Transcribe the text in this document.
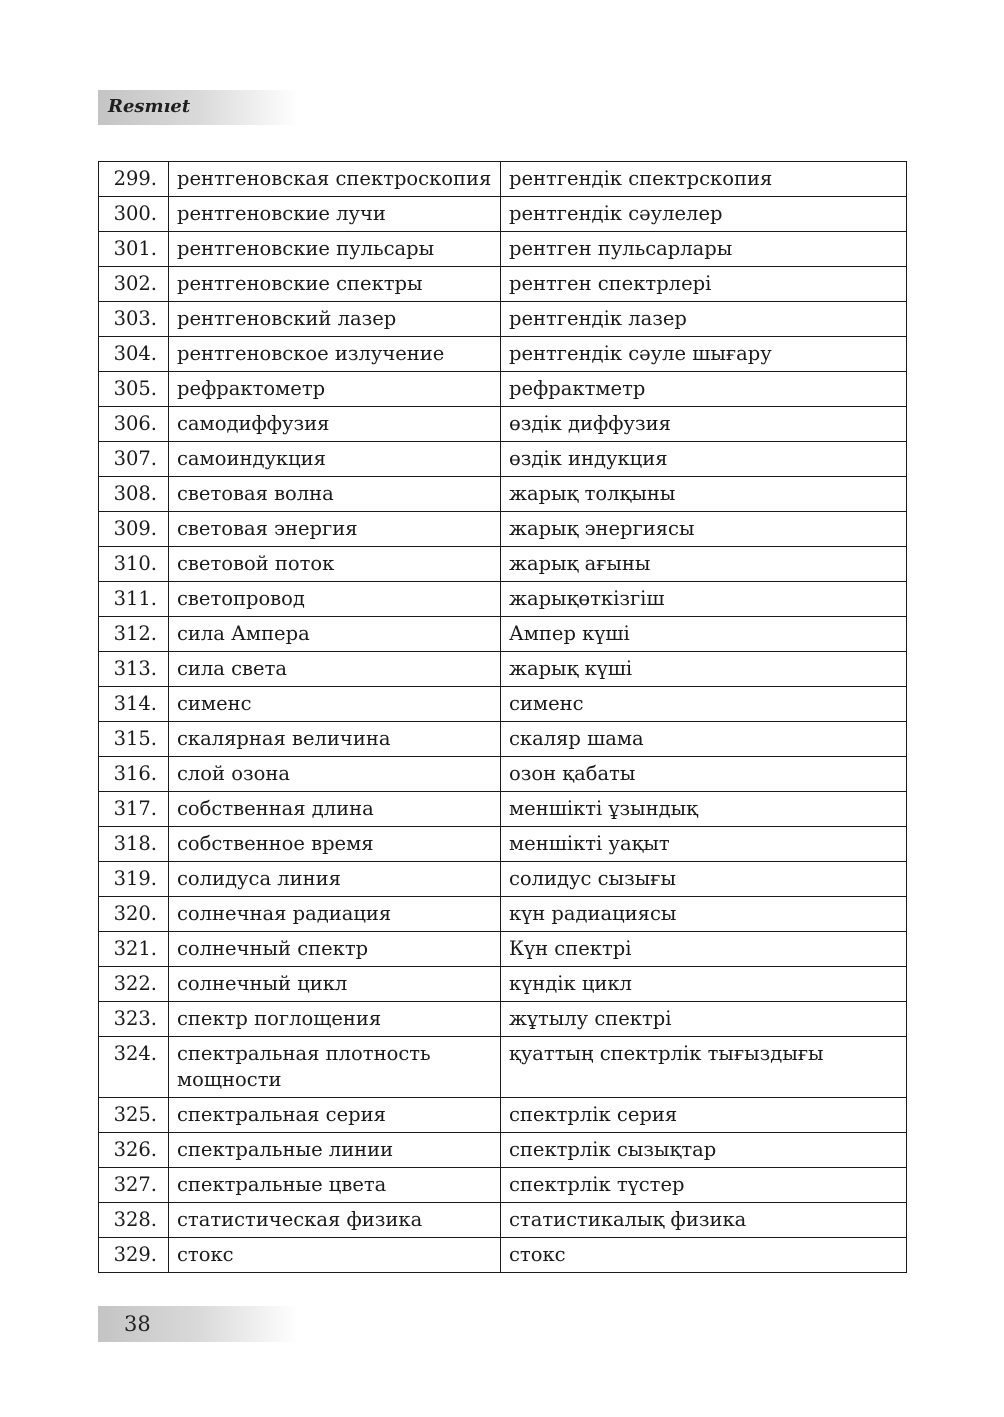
Resmıet
299.	рентгеновская спектроскопия	рентгендік спектрскопия
300.	рентгеновские лучи	рентгендік сәулелер
301.	рентгеновские пульсары	рентген пульсарлары
302.	рентгеновские спектры	рентген спектрлері
303.	рентгеновский лазер	рентгендік лазер
304.	рентгеновское излучение	рентгендік сәуле шығару
305.	рефрактометр	рефрактметр
306.	самодиффузия	өздік диффузия
307.	самоиндукция	өздік индукция
308.	световая волна	жарық толқыны
309.	световая энергия	жарық энергиясы
310.	световой поток	жарық ағыны
311.	светопровод	жарықөткізгіш
312.	сила Ампера	Ампер күші
313.	сила света	жарық күші
314.	сименс	сименс
315.	скалярная величина	скаляр шама
316.	слой озона	озон қабаты
317.	собственная длина	меншікті ұзындық
318.	собственное время	меншікті уақыт
319.	солидуса линия	солидус сызығы
320.	солнечная радиация	күн радиациясы
321.	солнечный спектр	Күн спектрі
322.	солнечный цикл	күндік цикл
323.	спектр поглощения	жұтылу спектрі
324.	спектральная плотность мощности	қуаттың спектрлік тығыздығы
325.	спектральная серия	спектрлік серия
326.	спектральные линии	спектрлік сызықтар
327.	спектральные цвета	спектрлік түстер
328.	статистическая физика	статистикалық физика
329.	стокс	стокс
38
